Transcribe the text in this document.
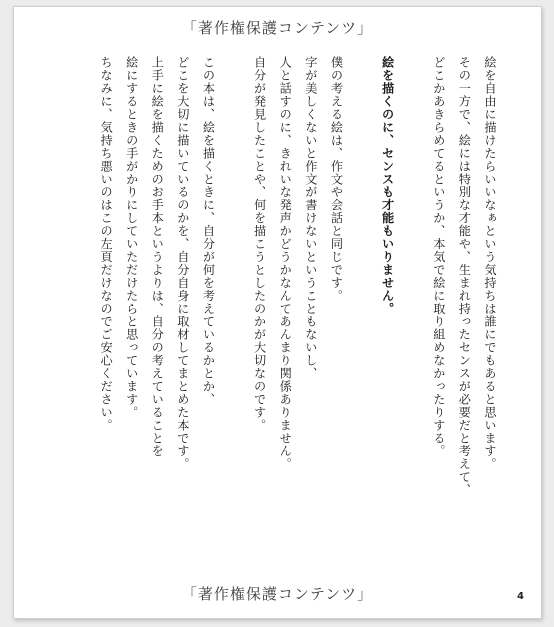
「著作権保護コンテンツ」

絵を自由に描けたらいいなぁという気持ちは誰にでもあると思います。

その一方で、絵には特別な才能や、生まれ持ったセンスが必要だと考えて、

どこかあきらめてるというか、本気で絵に取り組めなかったりする。

絵を描くのに、センスも才能もいりません。

僕の考える絵は、作文や会話と同じです。

字が美しくないと作文が書けないということもないし、

人と話すのに、きれいな発声かどうかなんてあんまり関係ありません。

自分が発見したことや、何を描こうとしたのかが大切なのです。

この本は、絵を描くときに、自分が何を考えているかとか、

どこを大切に描いているのかを、自分自身に取材してまとめた本です。

上手に絵を描くためのお手本というよりは、自分の考えていることを

絵にするときの手がかりにしていただけたらと思っています。

ちなみに、気持ち悪いのはこの左頁だけなのでご安心ください。

「著作権保護コンテンツ」	4
